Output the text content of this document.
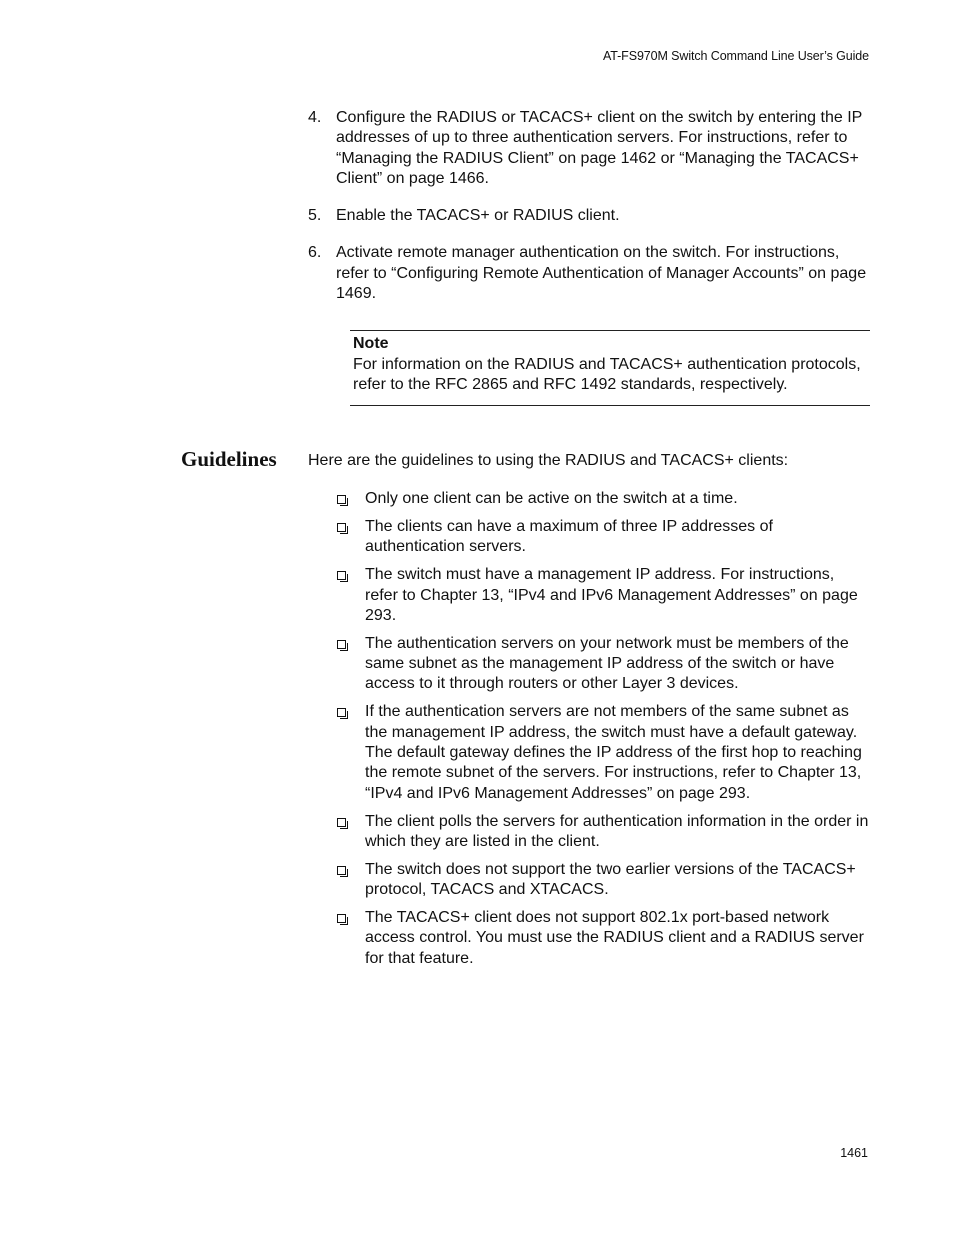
AT-FS970M Switch Command Line User’s Guide
4. Configure the RADIUS or TACACS+ client on the switch by entering the IP addresses of up to three authentication servers. For instructions, refer to “Managing the RADIUS Client” on page 1462 or “Managing the TACACS+ Client” on page 1466.
5. Enable the TACACS+ or RADIUS client.
6. Activate remote manager authentication on the switch. For instructions, refer to “Configuring Remote Authentication of Manager Accounts” on page 1469.
Note
For information on the RADIUS and TACACS+ authentication protocols, refer to the RFC 2865 and RFC 1492 standards, respectively.
Guidelines Here are the guidelines to using the RADIUS and TACACS+ clients:
Only one client can be active on the switch at a time.
The clients can have a maximum of three IP addresses of authentication servers.
The switch must have a management IP address. For instructions, refer to Chapter 13, “IPv4 and IPv6 Management Addresses” on page 293.
The authentication servers on your network must be members of the same subnet as the management IP address of the switch or have access to it through routers or other Layer 3 devices.
If the authentication servers are not members of the same subnet as the management IP address, the switch must have a default gateway. The default gateway defines the IP address of the first hop to reaching the remote subnet of the servers. For instructions, refer to Chapter 13, “IPv4 and IPv6 Management Addresses” on page 293.
The client polls the servers for authentication information in the order in which they are listed in the client.
The switch does not support the two earlier versions of the TACACS+ protocol, TACACS and XTACACS.
The TACACS+ client does not support 802.1x port-based network access control. You must use the RADIUS client and a RADIUS server for that feature.
1461
